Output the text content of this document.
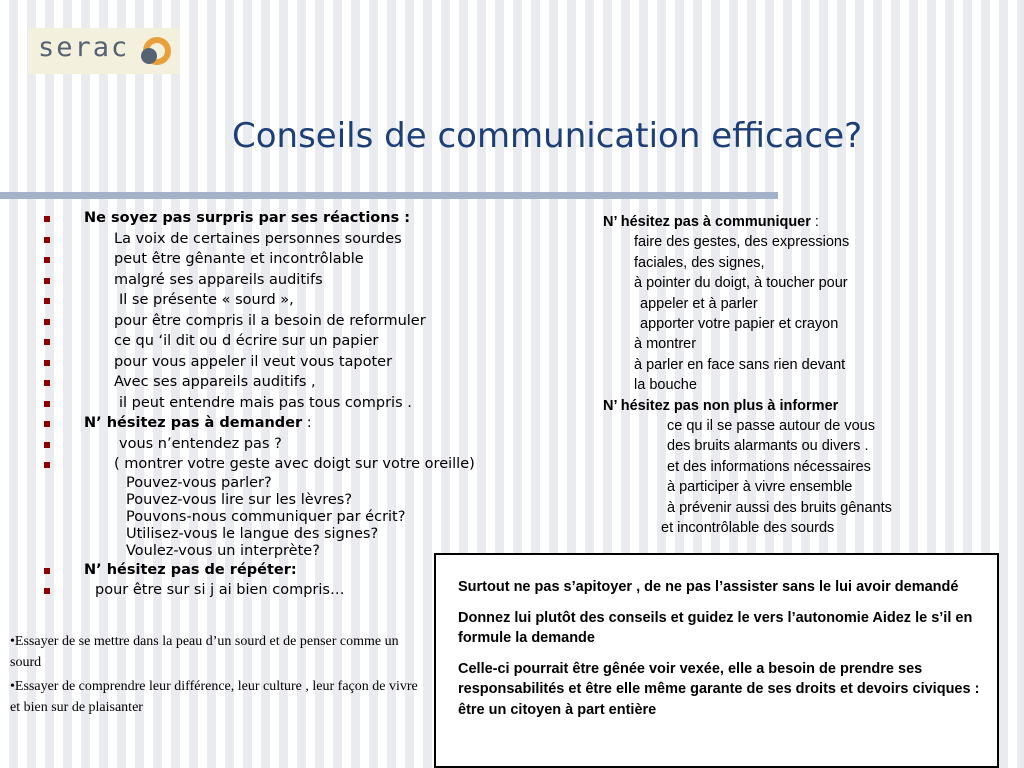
serac
Conseils de communication efficace?
Ne soyez pas surpris par ses réactions :
La voix de certaines personnes sourdes
peut être gênante et incontrôlable
malgré ses appareils auditifs
Il se présente « sourd »,
pour être compris il a besoin de reformuler
ce qu ‘il dit ou d écrire sur un papier
pour vous appeler il veut vous tapoter
Avec ses appareils auditifs ,
il peut entendre mais pas tous compris .
N’ hésitez pas à demander :
vous n’entendez pas ?
( montrer votre geste avec doigt sur votre oreille)
Pouvez-vous parler?
Pouvez-vous lire sur les lèvres?
Pouvons-nous communiquer par écrit?
Utilisez-vous le langue des signes?
Voulez-vous un interprète?
N’ hésitez pas de répéter:
pour être sur si j ai bien compris…

•Essayer de se mettre dans la peau d’un sourd et de penser comme un sourd

•Essayer de comprendre leur différence, leur culture , leur façon de vivre et bien sur de plaisanter

N’ hésitez pas à communiquer :
faire des gestes, des expressions
faciales, des signes,
à pointer du doigt, à toucher pour
appeler et à parler
apporter votre papier et crayon
à montrer
à parler en face sans rien devant
la bouche
N’ hésitez pas non plus à informer
ce qu il se passe autour de vous
des bruits alarmants ou divers .
et des informations nécessaires
à participer à vivre ensemble
à prévenir aussi des bruits gênants
et incontrôlable des sourds

Surtout ne pas s’apitoyer , de ne pas l’assister sans le lui avoir demandé

Donnez lui plutôt des conseils et guidez le vers l’autonomie Aidez le s’il en formule la demande

Celle-ci pourrait être gênée voir vexée, elle a besoin de prendre ses responsabilités et être elle même garante de ses droits et devoirs civiques : être un citoyen à part entière
